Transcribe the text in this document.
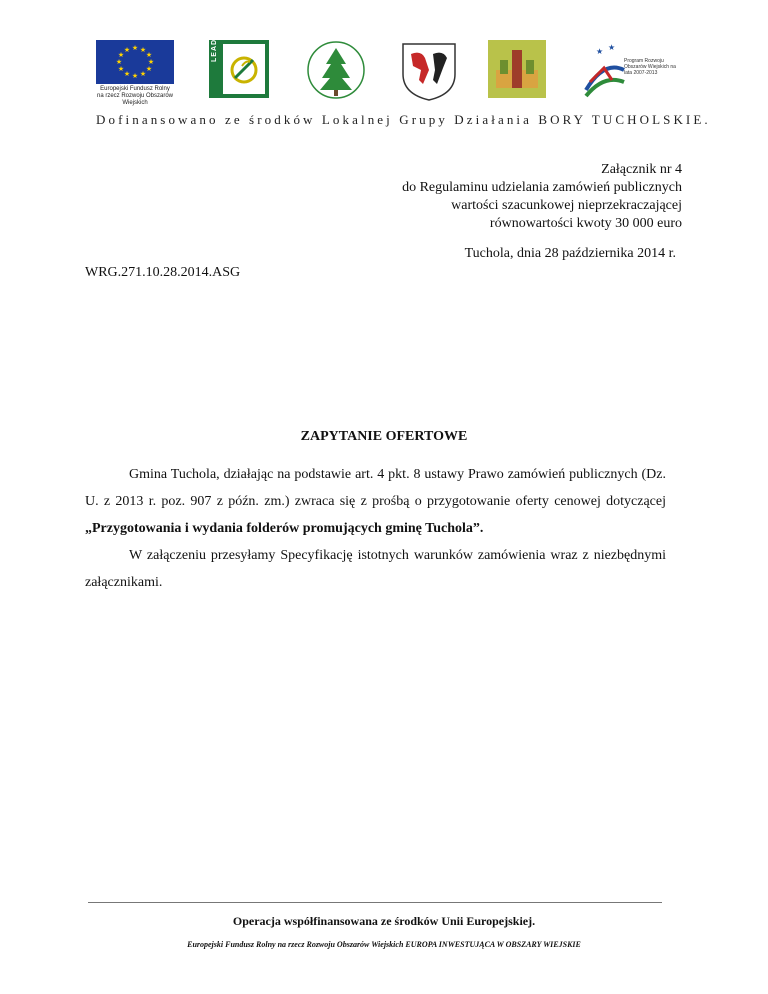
★ ★
★
★
★
★
★
★
★
★
★
★
Europejski Fundusz Rolny na rzecz Rozwoju Obszarów Wiejskich
LEADER+	★ ★
Program Rozwoju Obszarów Wiejskich na lata 2007-2013
Dofinansowano ze środków Lokalnej Grupy Działania BORY TUCHOLSKIE.
Załącznik nr 4
do Regulaminu udzielania zamówień publicznych
wartości szacunkowej nieprzekraczającej
równowartości kwoty 30 000 euro
Tuchola, dnia 28 października 2014 r.
WRG.271.10.28.2014.ASG
ZAPYTANIE OFERTOWE

Gmina Tuchola, działając na podstawie art. 4 pkt. 8 ustawy Prawo zamówień publicznych (Dz. U. z 2013 r. poz. 907 z późn. zm.) zwraca się z prośbą o przygotowanie oferty cenowej dotyczącej „Przygotowania i wydania folderów promujących gminę Tuchola”.

W załączeniu przesyłamy Specyfikację istotnych warunków zamówienia wraz z niezbędnymi załącznikami.

Operacja współfinansowana ze środków Unii Europejskiej.
Europejski Fundusz Rolny na rzecz Rozwoju Obszarów Wiejskich EUROPA INWESTUJĄCA W OBSZARY WIEJSKIE
